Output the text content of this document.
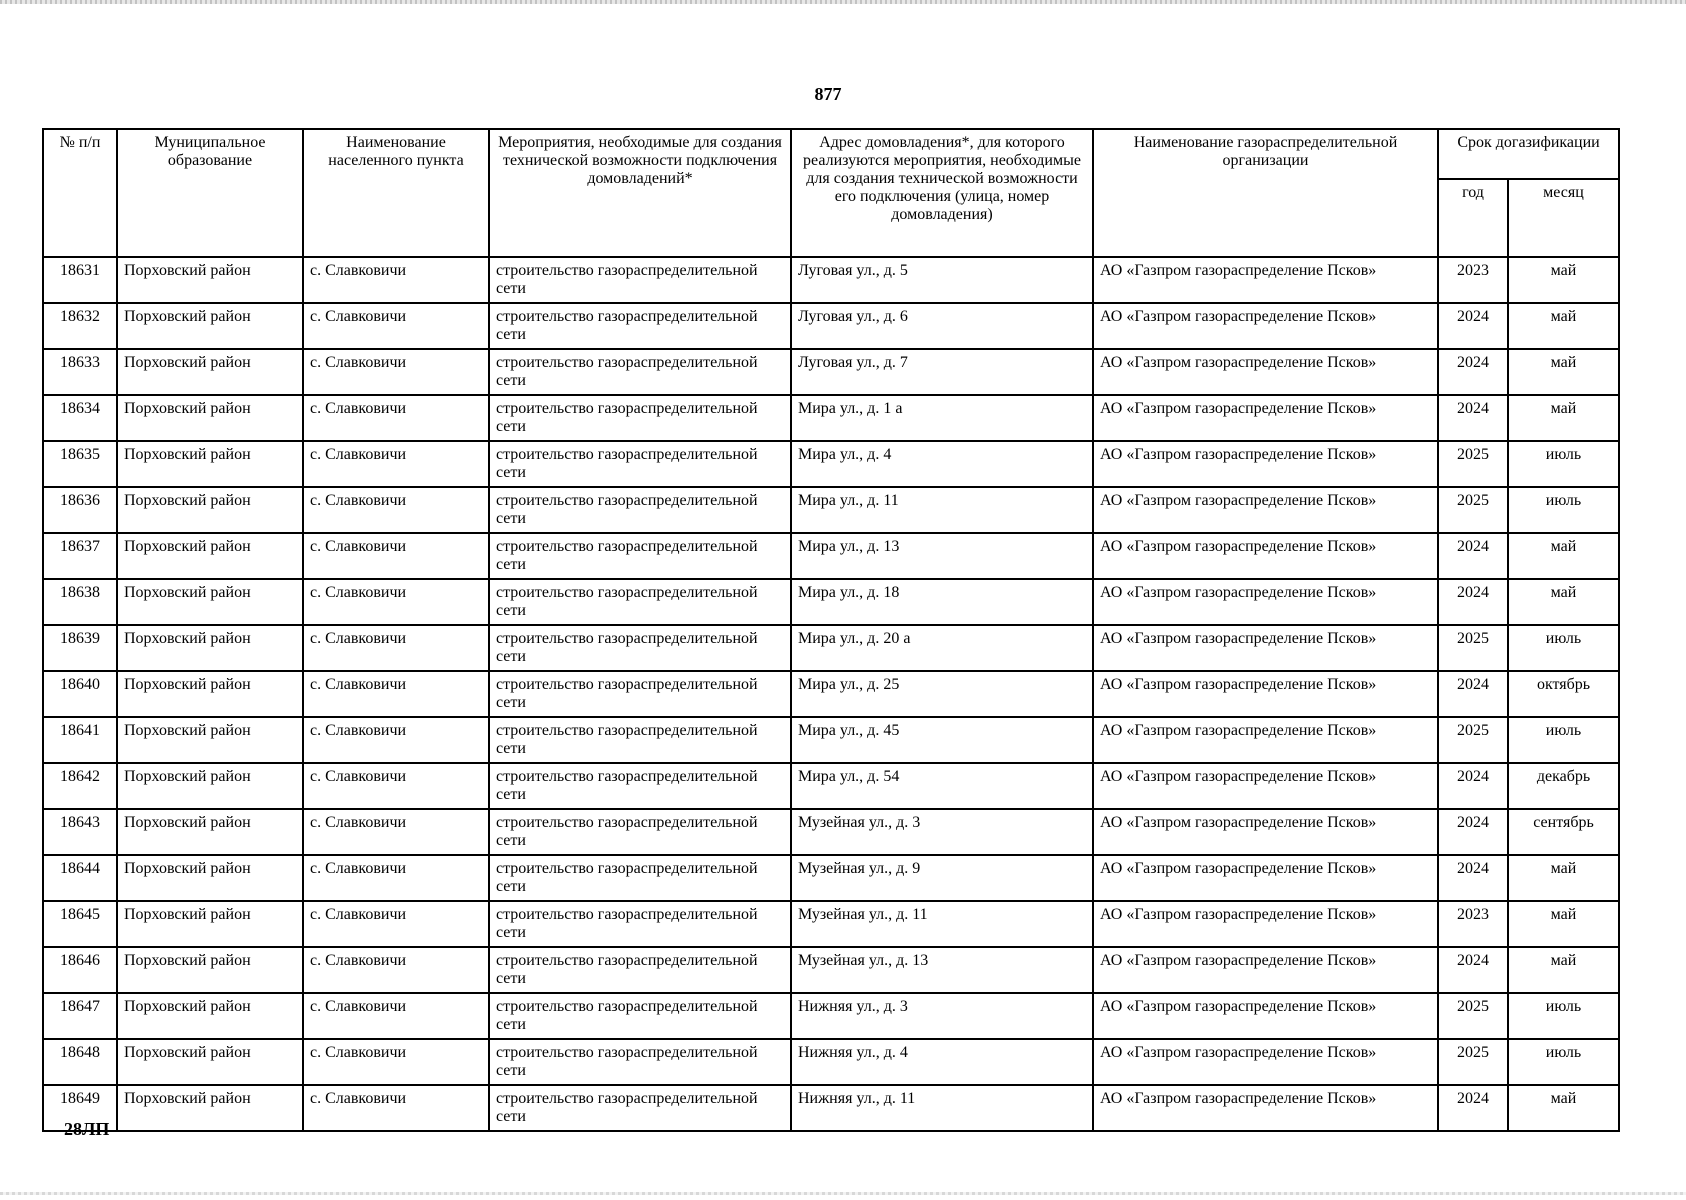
877
№ п/п	Муниципальное образование	Наименование населенного пункта	Мероприятия, необходимые для создания технической возможности подключения домовладений*	Адрес домовладения*, для которого реализуются мероприятия, необходимые для создания технической возможности его подключения (улица, номер домовладения)	Наименование газораспределительной организации	Срок догазификации	
						год	месяц
18631	Порховский район	с. Славковичи	строительство газораспределительной сети	Луговая ул., д. 5	АО «Газпром газораспределение Псков»	2023	май
18632	Порховский район	с. Славковичи	строительство газораспределительной сети	Луговая ул., д. 6	АО «Газпром газораспределение Псков»	2024	май
18633	Порховский район	с. Славковичи	строительство газораспределительной сети	Луговая ул., д. 7	АО «Газпром газораспределение Псков»	2024	май
18634	Порховский район	с. Славковичи	строительство газораспределительной сети	Мира ул., д. 1 а	АО «Газпром газораспределение Псков»	2024	май
18635	Порховский район	с. Славковичи	строительство газораспределительной сети	Мира ул., д. 4	АО «Газпром газораспределение Псков»	2025	июль
18636	Порховский район	с. Славковичи	строительство газораспределительной сети	Мира ул., д. 11	АО «Газпром газораспределение Псков»	2025	июль
18637	Порховский район	с. Славковичи	строительство газораспределительной сети	Мира ул., д. 13	АО «Газпром газораспределение Псков»	2024	май
18638	Порховский район	с. Славковичи	строительство газораспределительной сети	Мира ул., д. 18	АО «Газпром газораспределение Псков»	2024	май
18639	Порховский район	с. Славковичи	строительство газораспределительной сети	Мира ул., д. 20 а	АО «Газпром газораспределение Псков»	2025	июль
18640	Порховский район	с. Славковичи	строительство газораспределительной сети	Мира ул., д. 25	АО «Газпром газораспределение Псков»	2024	октябрь
18641	Порховский район	с. Славковичи	строительство газораспределительной сети	Мира ул., д. 45	АО «Газпром газораспределение Псков»	2025	июль
18642	Порховский район	с. Славковичи	строительство газораспределительной сети	Мира ул., д. 54	АО «Газпром газораспределение Псков»	2024	декабрь
18643	Порховский район	с. Славковичи	строительство газораспределительной сети	Музейная ул., д. 3	АО «Газпром газораспределение Псков»	2024	сентябрь
18644	Порховский район	с. Славковичи	строительство газораспределительной сети	Музейная ул., д. 9	АО «Газпром газораспределение Псков»	2024	май
18645	Порховский район	с. Славковичи	строительство газораспределительной сети	Музейная ул., д. 11	АО «Газпром газораспределение Псков»	2023	май
18646	Порховский район	с. Славковичи	строительство газораспределительной сети	Музейная ул., д. 13	АО «Газпром газораспределение Псков»	2024	май
18647	Порховский район	с. Славковичи	строительство газораспределительной сети	Нижняя ул., д. 3	АО «Газпром газораспределение Псков»	2025	июль
18648	Порховский район	с. Славковичи	строительство газораспределительной сети	Нижняя ул., д. 4	АО «Газпром газораспределение Псков»	2025	июль
18649	Порховский район	с. Славковичи	строительство газораспределительной сети	Нижняя ул., д. 11	АО «Газпром газораспределение Псков»	2024	май
28ЛП
